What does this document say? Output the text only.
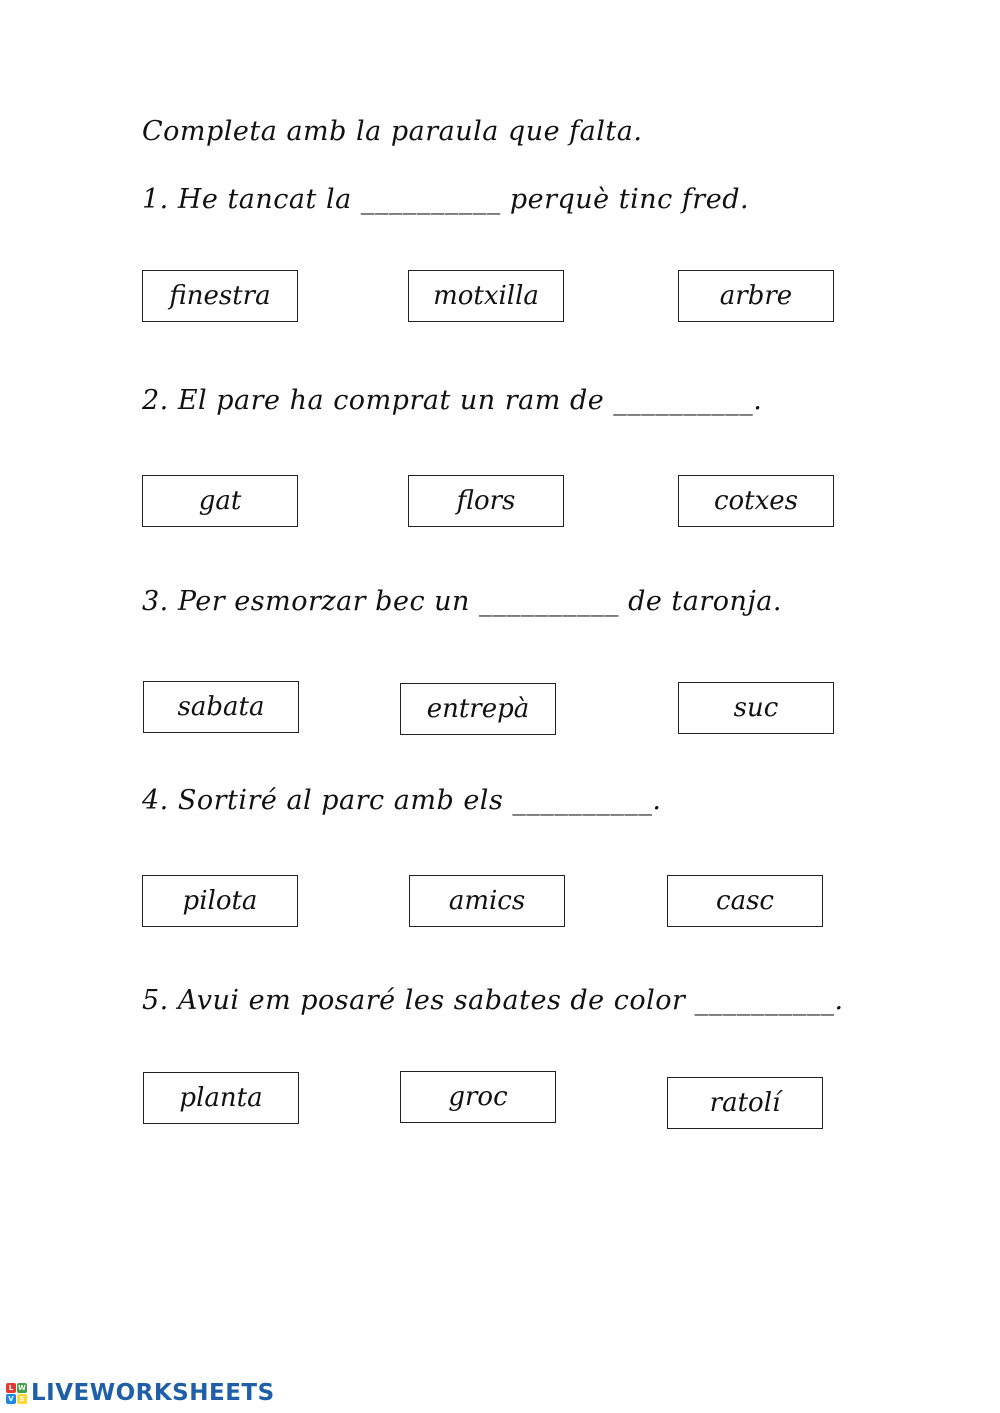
Completa amb la paraula que falta.
1. He tancat la __________ perquè tinc fred.
finestra	motxilla	arbre
2. El pare ha comprat un ram de __________.
gat	flors	cotxes
3. Per esmorzar bec un __________ de taronja.
sabata	entrepà	suc
4. Sortiré al parc amb els __________.
pilota	amics	casc
5. Avui em posaré les sabates de color __________.
planta	groc	ratolí
L W
V S LIVEWORKSHEETS
